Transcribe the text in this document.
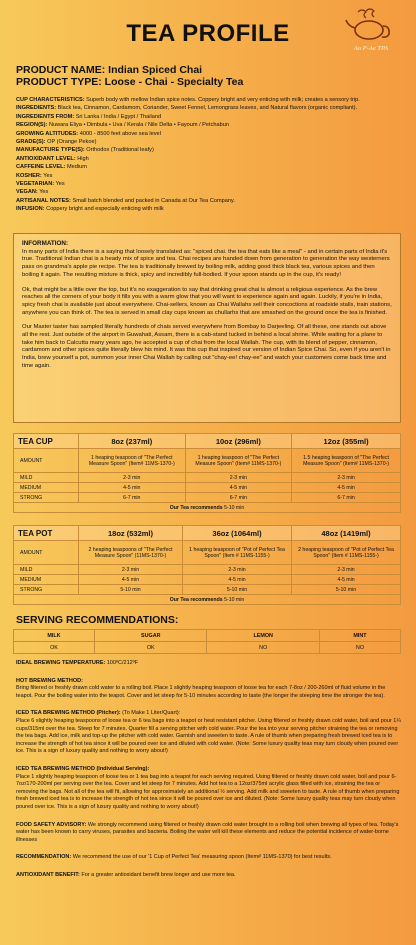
TEA PROFILE
Ao P-Ae TPA
PRODUCT NAME: Indian Spiced Chai
PRODUCT TYPE: Loose - Chai - Specialty Tea
CUP CHARACTERISTICS: Superb body with mellow Indian spice notes. Coppery bright and very enticing with milk; creates a sensory trip.
INGREDIENTS: Black tea, Cinnamon, Cardamom, Coriander, Sweet Fennel, Lemongrass leaves, and Natural flavors (organic compliant).
INGREDIENTS FROM: Sri Lanka / India / Egypt / Thailand
REGION(S): Nuwara Eliya • Dimbula • Uva / Kerala / Nile Delta • Fayoum / Petchabun
GROWING ALTITUDES: 4000 - 8500 feet above sea level
GRADE(S): OP (Orange Pekoe)
MANUFACTURE TYPE(S): Orthodox (Traditional leafy)
ANTIOXIDANT LEVEL: High
CAFFEINE LEVEL: Medium
KOSHER: Yes
VEGETARIAN: Yes
VEGAN: Yes
ARTISANAL NOTES: Small batch blended and packed in Canada at Our Tea Company.
INFUSION: Coppery bright and especially enticing with milk
INFORMATION:

In many parts of India there is a saying that loosely translated as: "spiced chai. the tea that eats like a meal" - and in certain parts of India it's true. Traditional Indian chai is a heady mix of spice and tea. Chai recipes are handed down from generation to generation the way westerners pass on grandma's apple pie recipe. The tea is traditionally brewed by boiling milk, adding good thick black tea, various spices and then boiling it again. The resulting mixture is thick, spicy and incredibly full-bodied. If your spoon stands up in the cup, it's ready!

Ok, that might be a little over the top, but it's no exaggeration to say that drinking great chai is almost a religious experience. As the brew reaches all the corners of your body it fills you with a warm glow that you will want to experience again and again. Luckily, if you're in India, spicy fresh chai is available just about everywhere. Chai-sellers, known as Chai Wallahs sell their concoctions at roadside stalls, train stations, anywhere you can think of. The tea is served in small clay cups known as chullarhs that are smashed on the ground once the tea is finished.

Our Master taster has sampled literally hundreds of chais served everywhere from Bombay to Darjeeling. Of all these, one stands out above all the rest. Just outside of the airport in Guwahati, Assam, there is a cab-stand tucked in behind a local shrine. While waiting for a plane to take him back to Calcutta many years ago, he accepted a cup of chai from the local Wallah. The cup, with its blend of pepper, cinnamon, cardamom and other spices quite literally blew his mind. It was this cup that inspired our version of Indian Spice Chai. So, even if you aren't in India, brew yourself a pot, summon your inner Chai Wallah by calling out "chay-ee! chay-ee" and watch your customers come back time and time again.

TEA CUP	8oz (237ml)	10oz (296ml)	12oz (355ml)
AMOUNT	1 heaping teaspoon of "The Perfect Measure Spoon" (Item# 11MS-1370-)	1 heaping teaspoon of "The Perfect Measure Spoon" (Item# 11MS-1370-)	1.5 heaping teaspoon of "The Perfect Measure Spoon" (Item# 11MS-1370-)
MILD	2-3 min	2-3 min	2-3 min
MEDIUM	4-5 min	4-5 min	4-5 min
STRONG	6-7 min	6-7 min	6-7 min
Our Tea recommends 5-10 min			
TEA POT	18oz (532ml)	36oz (1064ml)	48oz (1419ml)
AMOUNT	2 heaping teaspoons of "The Perfect Measure Spoon" (11MS-1370-)	1 heaping teaspoon of "Pot of Perfect Tea Spoon" (Item # 11MS-1155-)	2 heaping teaspoon of "Pot of Perfect Tea Spoon" (Item # 11MS-1155-)
MILD	2-3 min	2-3 min	2-3 min
MEDIUM	4-5 min	4-5 min	4-5 min
STRONG	5-10 min	5-10 min	5-10 min
Our Tea recommends 5-10 min			
SERVING RECOMMENDATIONS:
MILK	SUGAR	LEMON	MINT
OK	OK	NO	NO
IDEAL BREWING TEMPERATURE: 100ºC/212ºF
HOT BREWING METHOD:
Bring filtered or freshly drawn cold water to a rolling boil. Place 1 slightly heaping teaspoon of loose tea for each 7-8oz / 200-260ml of fluid volume in the teapot. Pour the boiling water into the teapot. Cover and let steep for 5-10 minutes according to taste (the longer the steeping time the stronger the tea).
ICED TEA BREWING METHOD (Pitcher): (To Make 1 Liter/Quart):
Place 6 slightly heaping teaspoons of loose tea or 6 tea bags into a teapot or heat resistant pitcher. Using filtered or freshly drawn cold water, boil and pour 1¼ cups/315ml over the tea. Steep for 7 minutes. Quarter fill a serving pitcher with cold water. Pour the tea into your serving pitcher straining the tea or removing the tea bags. Add ice, milk and top-up the pitcher with cold water. Garnish and sweeten to taste. A rule of thumb when preparing fresh brewed iced tea is to increase the strength of hot tea since it will be poured over ice and diluted with cold water. (Note: Some luxury quality teas may turn cloudy when poured over ice. This is a sign of luxury quality and nothing to worry about!)
ICED TEA BREWING METHOD (Individual Serving):
Place 1 slightly heaping teaspoon of loose tea or 1 tea bag into a teapot for each serving required. Using filtered or freshly drawn cold water, boil and pour 6- 7oz/170-200ml per serving over the tea. Cover and let steep for 7 minutes. Add hot tea to a 12oz/375ml acrylic glass filled with ice, straining the tea or removing the bags. Not all of the tea will fit, allowing for approximately an additional ½ serving. Add milk and sweeten to taste. A rule of thumb when preparing fresh brewed iced tea is to increase the strength of hot tea since it will be poured over ice and diluted. (Note: Some luxury quality teas may turn cloudy when poured over ice. This is a sign of luxury quality and nothing to worry about!)
FOOD SAFETY ADVISORY: We strongly recommend using filtered or freshly drawn cold water brought to a rolling boil when brewing all types of tea. Today's water has been known to carry viruses, parasites and bacteria. Boiling the water will kill these elements and reduce the potential incidence of water-borne illnesses
RECOMMENDATION: We recommend the use of our '1 Cup of Perfect Tea' measuring spoon (Item# 11MS-1370) for best results.
ANTIOXIDANT BENEFIT: For a greater antioxidant benefit brew longer and use more tea.
